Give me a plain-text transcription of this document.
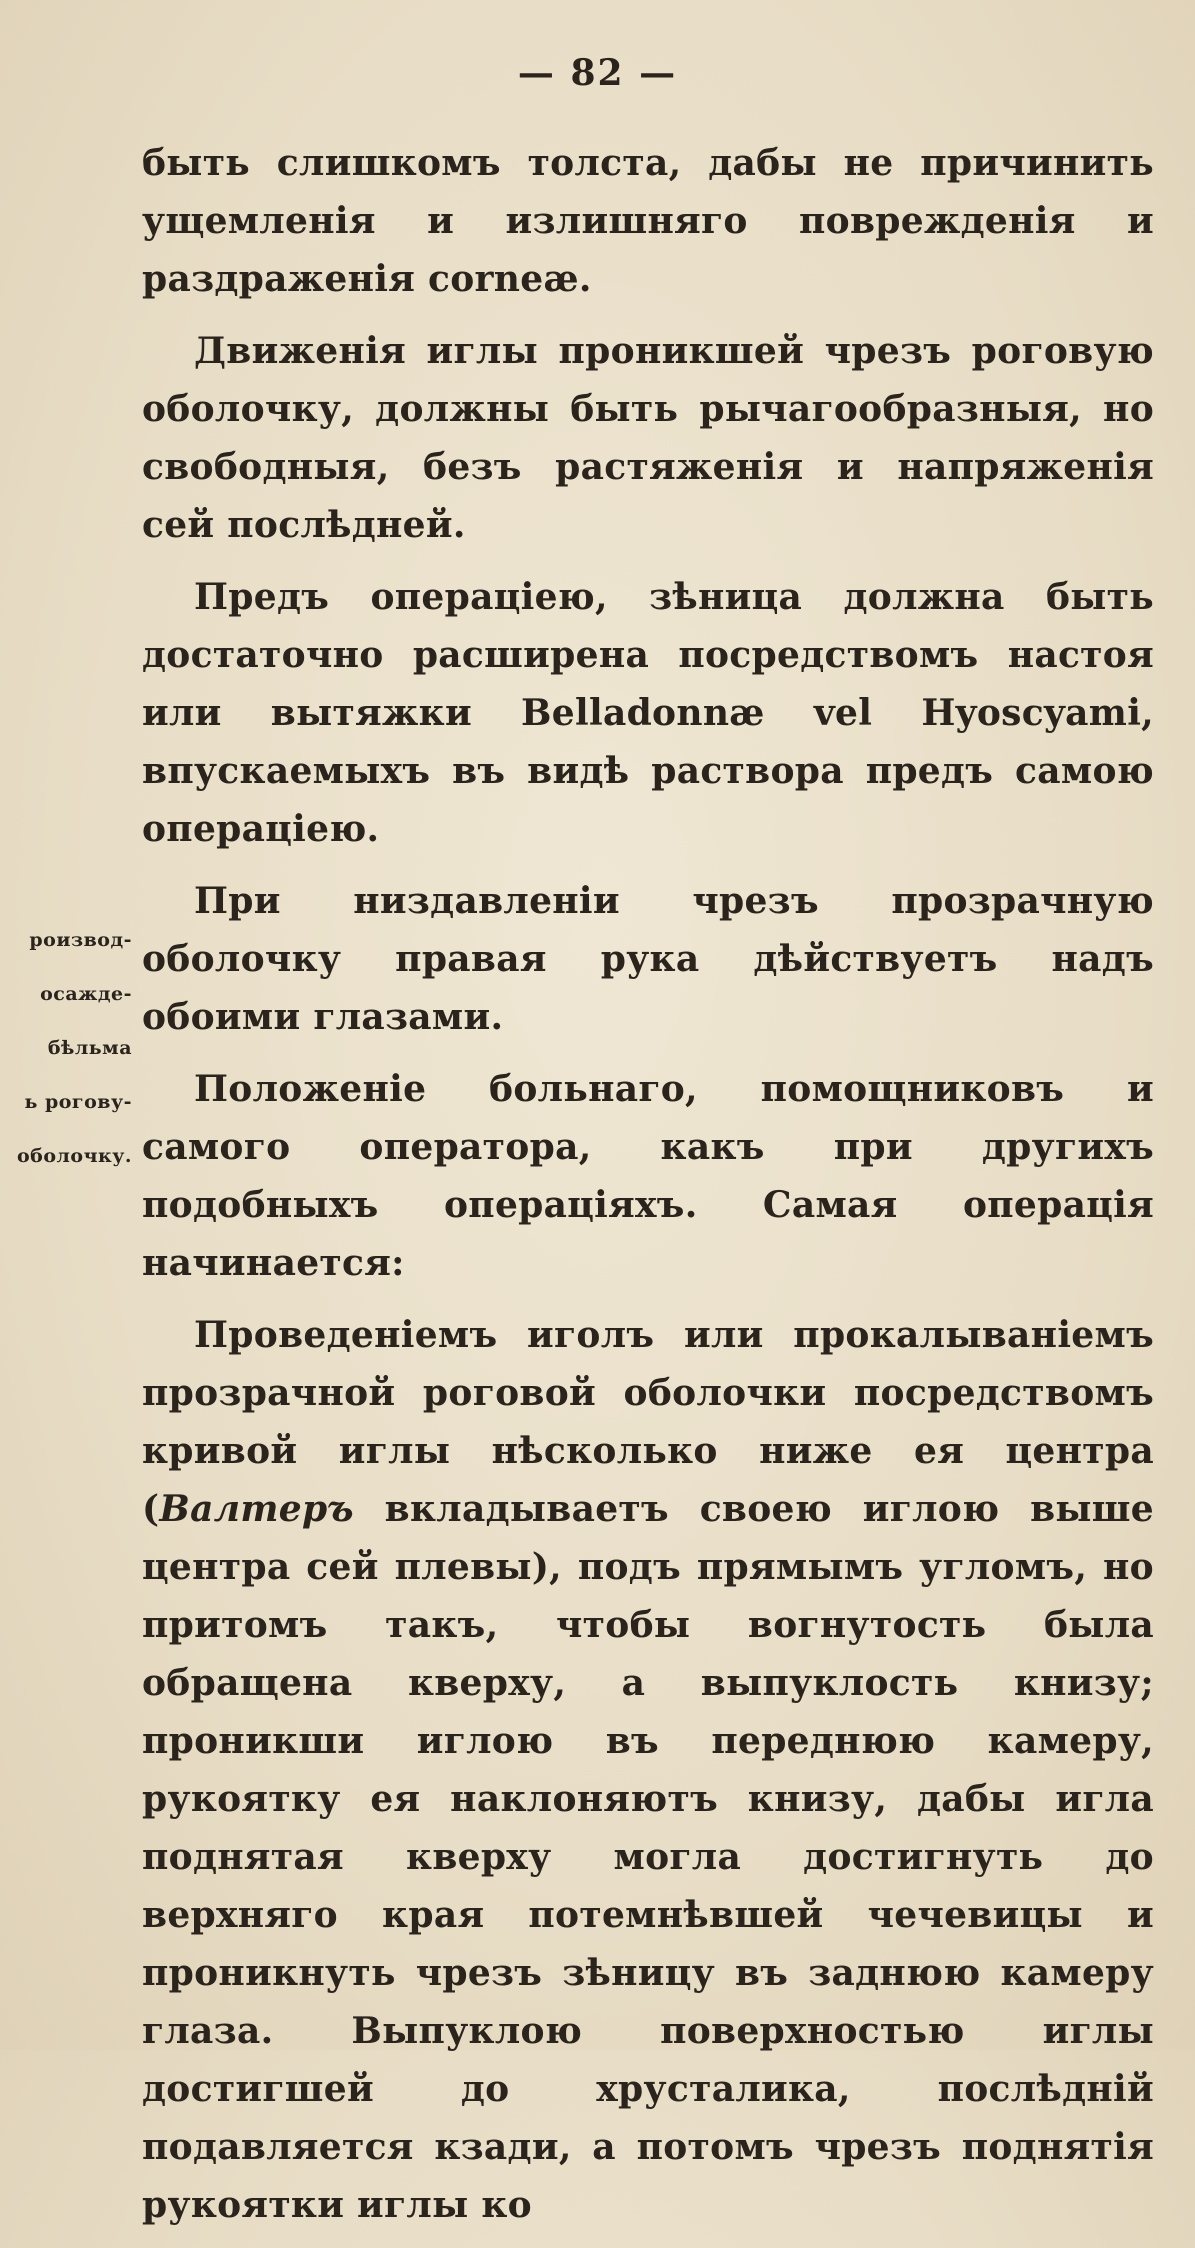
— 82 —

роизвод-

осажде-

бѣльма

ь рогову-

оболочку.

быть слишкомъ толста, дабы не причинить ущемленія и излишняго поврежденія и раздраженія corneæ.

Движенія иглы проникшей чрезъ роговую оболочку, должны быть рычагообразныя, но свободныя, безъ растяженія и напряженія сей послѣдней.

Предъ операціею, зѣница должна быть достаточно расширена посредствомъ настоя или вытяжки Belladonnæ vel Hyoscyami, впускаемыхъ въ видѣ раствора предъ самою операціею.

При низдавленіи чрезъ прозрачную оболочку правая рука дѣйствуетъ надъ обоими глазами.

Положеніе больнаго, помощниковъ и самого оператора, какъ при другихъ подобныхъ операціяхъ. Самая операція начинается:

Проведеніемъ иголъ или прокалываніемъ прозрачной роговой оболочки посредствомъ кривой иглы нѣсколько ниже ея центра (Валтеръ вкладываетъ своею иглою выше центра сей плевы), подъ прямымъ угломъ, но притомъ такъ, чтобы вогнутость была обращена кверху, а выпуклость книзу; проникши иглою въ переднюю камеру, рукоятку ея наклоняютъ книзу, дабы игла поднятая кверху могла достигнуть до верхняго края потемнѣвшей чечевицы и проникнуть чрезъ зѣницу въ заднюю камеру глаза. Выпуклою поверхностью иглы достигшей до хрусталика, послѣдній подавляется кзади, а потомъ чрезъ поднятія рукоятки иглы ко
